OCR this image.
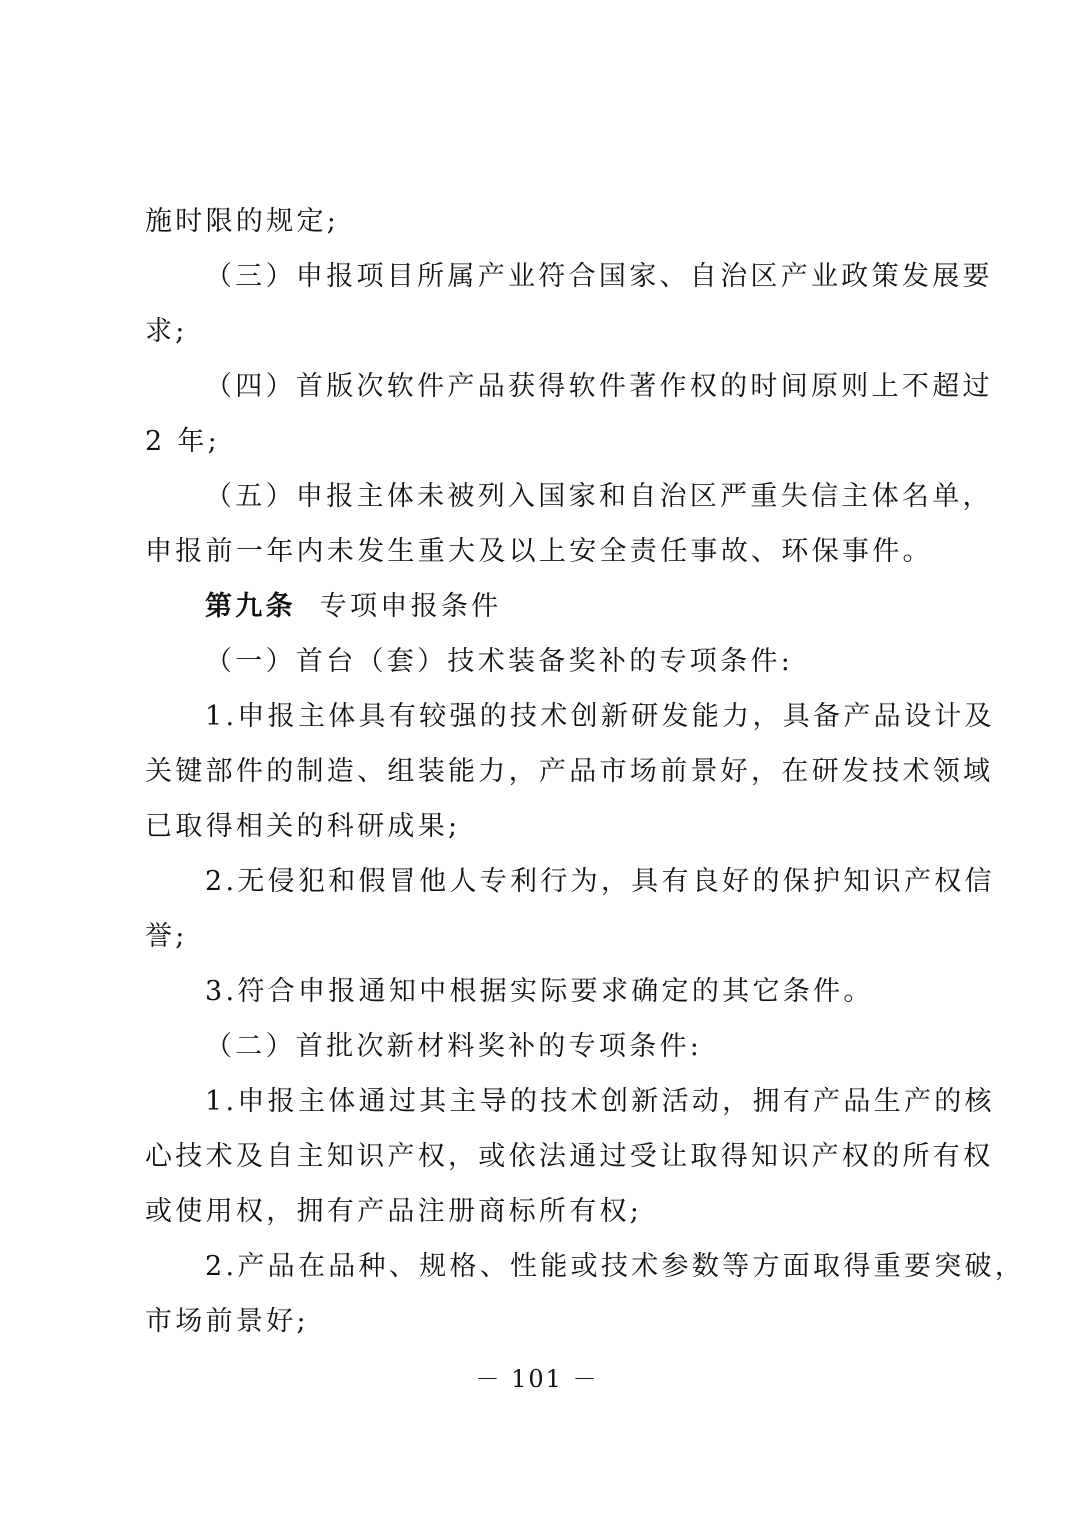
施时限的规定;
（三）申报项目所属产业符合国家、自治区产业政策发展要
求;
（四）首版次软件产品获得软件著作权的时间原则上不超过
2 年;
（五）申报主体未被列入国家和自治区严重失信主体名单，
申报前一年内未发生重大及以上安全责任事故、环保事件。
第九条 专项申报条件
（一）首台（套）技术装备奖补的专项条件:
1.申报主体具有较强的技术创新研发能力，具备产品设计及
关键部件的制造、组装能力，产品市场前景好，在研发技术领域
已取得相关的科研成果;
2.无侵犯和假冒他人专利行为，具有良好的保护知识产权信
誉;
3.符合申报通知中根据实际要求确定的其它条件。
（二）首批次新材料奖补的专项条件:
1.申报主体通过其主导的技术创新活动，拥有产品生产的核
心技术及自主知识产权，或依法通过受让取得知识产权的所有权
或使用权，拥有产品注册商标所有权;
2.产品在品种、规格、性能或技术参数等方面取得重要突破，
市场前景好;
－ 101 －
